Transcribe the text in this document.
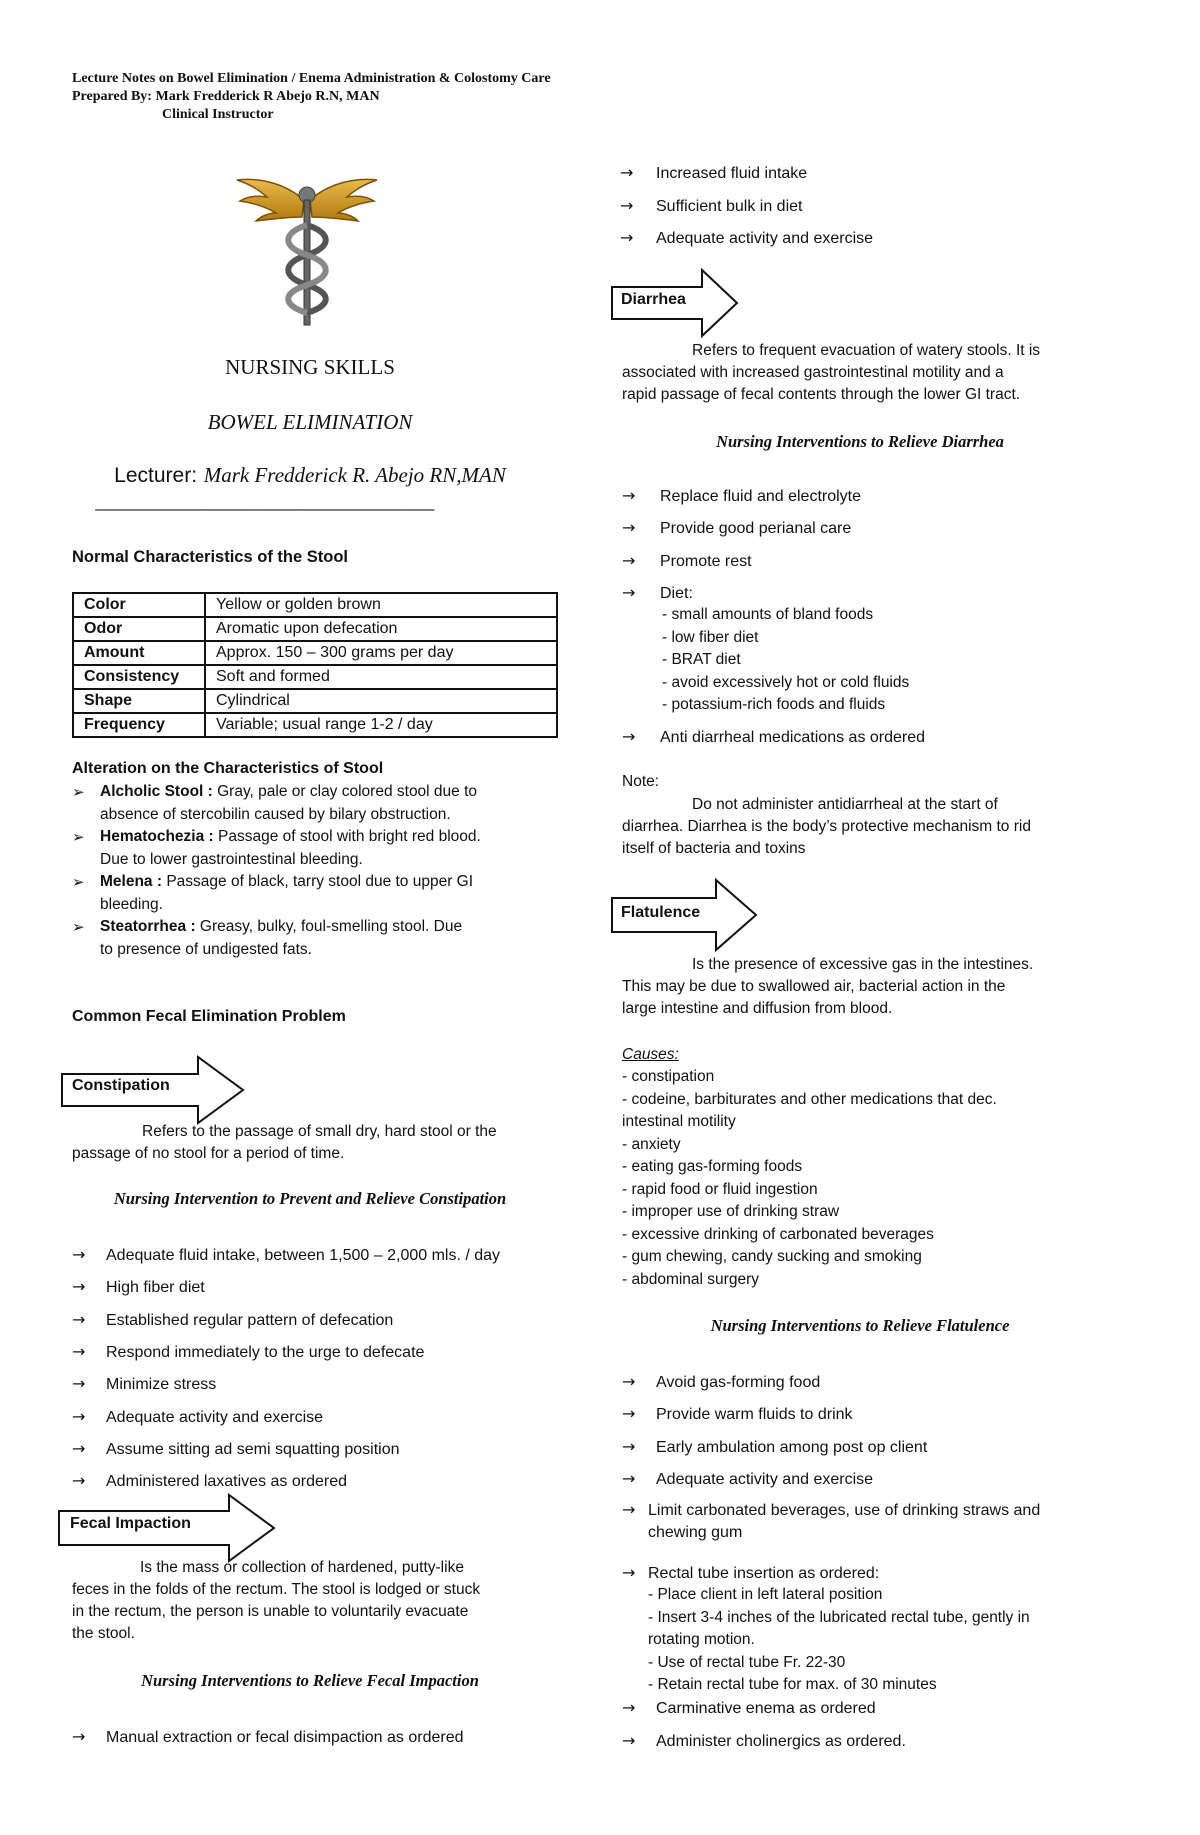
Lecture Notes on Bowel Elimination / Enema Administration & Colostomy Care
Prepared By: Mark Fredderick R Abejo R.N, MAN
Clinical Instructor
NURSING SKILLS
BOWEL ELIMINATION
Lecturer: Mark Fredderick R. Abejo RN,MAN
________________________________________
Normal Characteristics of the Stool
Color	Yellow or golden brown
Odor	Aromatic upon defecation
Amount	Approx. 150 – 300 grams per day
Consistency	Soft and formed
Shape	Cylindrical
Frequency	Variable; usual range 1-2 / day
Alteration on the Characteristics of Stool
➢ Alcholic Stool : Gray, pale or clay colored stool due to
absence of stercobilin caused by bilary obstruction.
➢ Hematochezia : Passage of stool with bright red blood.
Due to lower gastrointestinal bleeding.
➢ Melena : Passage of black, tarry stool due to upper GI
bleeding.
➢ Steatorrhea : Greasy, bulky, foul-smelling stool. Due
to presence of undigested fats.
Common Fecal Elimination Problem
Constipation
Refers to the passage of small dry, hard stool or the
passage of no stool for a period of time.
Nursing Intervention to Prevent and Relieve Constipation
→ Adequate fluid intake, between 1,500 – 2,000 mls. / day
→ High fiber diet
→ Established regular pattern of defecation
→ Respond immediately to the urge to defecate
→ Minimize stress
→ Adequate activity and exercise
→ Assume sitting ad semi squatting position
→ Administered laxatives as ordered
Fecal Impaction
Is the mass or collection of hardened, putty-like
feces in the folds of the rectum. The stool is lodged or stuck
in the rectum, the person is unable to voluntarily evacuate
the stool.
Nursing Interventions to Relieve Fecal Impaction
→ Manual extraction or fecal disimpaction as ordered
→ Increased fluid intake
→ Sufficient bulk in diet
→ Adequate activity and exercise
Diarrhea
Refers to frequent evacuation of watery stools. It is
associated with increased gastrointestinal motility and a
rapid passage of fecal contents through the lower GI tract.
Nursing Interventions to Relieve Diarrhea
→ Replace fluid and electrolyte
→ Provide good perianal care
→ Promote rest
→ Diet:
- small amounts of bland foods
- low fiber diet
- BRAT diet
- avoid excessively hot or cold fluids
- potassium-rich foods and fluids
→ Anti diarrheal medications as ordered
Note:
Do not administer antidiarrheal at the start of
diarrhea. Diarrhea is the body’s protective mechanism to rid
itself of bacteria and toxins
Flatulence
Is the presence of excessive gas in the intestines.
This may be due to swallowed air, bacterial action in the
large intestine and diffusion from blood.
Causes:
- constipation
- codeine, barbiturates and other medications that dec.
intestinal motility
- anxiety
- eating gas-forming foods
- rapid food or fluid ingestion
- improper use of drinking straw
- excessive drinking of carbonated beverages
- gum chewing, candy sucking and smoking
- abdominal surgery
Nursing Interventions to Relieve Flatulence
→ Avoid gas-forming food
→ Provide warm fluids to drink
→ Early ambulation among post op client
→ Adequate activity and exercise
→ Limit carbonated beverages, use of drinking straws and
chewing gum
→ Rectal tube insertion as ordered:
- Place client in left lateral position
- Insert 3-4 inches of the lubricated rectal tube, gently in
rotating motion.
- Use of rectal tube Fr. 22-30
- Retain rectal tube for max. of 30 minutes
→ Carminative enema as ordered
→ Administer cholinergics as ordered.
